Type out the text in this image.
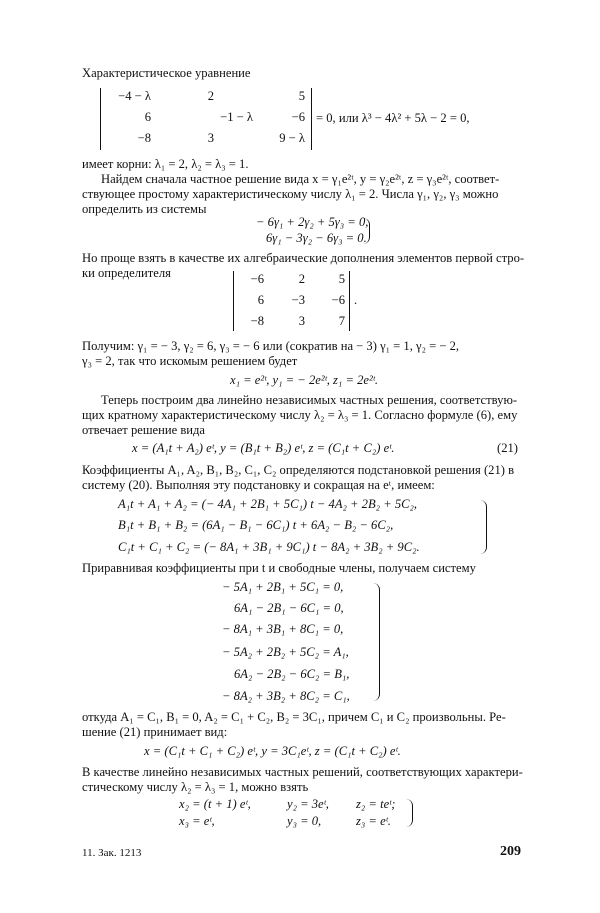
Характеристическое уравнение
−4 − λ	2	5
6	−1 − λ	−6
−8	3	9 − λ
= 0, или λ³ − 4λ² + 5λ − 2 = 0,
имеет корни: λ₁ = 2, λ₂ = λ₃ = 1.
Найдем сначала частное решение вида x = γ₁e²ᵗ, y = γ₂e²ᵗ, z = γ₃e²ᵗ, соответ-
ствующее простому характеристическому числу λ₁ = 2. Числа γ₁, γ₂, γ₃ можно
определить из системы
− 6γ₁ + 2γ₂ + 5γ₃ = 0,
6γ₁ − 3γ₂ − 6γ₃ = 0.
Но проще взять в качестве их алгебраические дополнения элементов первой стро-
ки определителя	−6	2	5
6 −3 −6
−8	3	7
.
Получим: γ₁ = − 3, γ₂ = 6, γ₃ = − 6 или (сократив на − 3) γ₁ = 1, γ₂ = − 2,
γ₃ = 2, так что искомым решением будет
x₁ = e²ᵗ, y₁ = − 2e²ᵗ, z₁ = 2e²ᵗ.
Теперь построим два линейно независимых частных решения, соответствую-
щих кратному характеристическому числу λ₂ = λ₃ = 1. Согласно формуле (6), ему
отвечает решение вида
x = (A₁t + A₂) eᵗ, y = (B₁t + B₂) eᵗ, z = (C₁t + C₂) eᵗ.	(21)
Коэффициенты A₁, A₂, B₁, B₂, C₁, C₂ определяются подстановкой решения (21) в
систему (20). Выполняя эту подстановку и сокращая на eᵗ, имеем:
A₁t + A₁ + A₂ = (− 4A₁ + 2B₁ + 5C₁) t − 4A₂ + 2B₂ + 5C₂,
B₁t + B₁ + B₂ = (6A₁ − B₁ − 6C₁) t + 6A₂ − B₂ − 6C₂,
C₁t + C₁ + C₂ = (− 8A₁ + 3B₁ + 9C₁) t − 8A₂ + 3B₂ + 9C₂.
Приравнивая коэффициенты при t и свободные члены, получаем систему
− 5A₁ + 2B₁ + 5C₁ = 0,
6A₁ − 2B₁ − 6C₁ = 0,
− 8A₁ + 3B₁ + 8C₁ = 0,
− 5A₂ + 2B₂ + 5C₂ = A₁,
6A₂ − 2B₂ − 6C₂ = B₁,
− 8A₂ + 3B₂ + 8C₂ = C₁,
откуда A₁ = C₁, B₁ = 0, A₂ = C₁ + C₂, B₂ = 3C₁, причем C₁ и C₂ произвольны. Ре-
шение (21) принимает вид:
x = (C₁t + C₁ + C₂) eᵗ, y = 3C₁eᵗ, z = (C₁t + C₂) eᵗ.
В качестве линейно независимых частных решений, соответствующих характери-
стическому числу λ₂ = λ₃ = 1, можно взять
x₂ = (t + 1) eᵗ,	y₂ = 3eᵗ, z₂ = teᵗ;
x₃ = eᵗ,	y₃ = 0,	z₃ = eᵗ.
11. Зак. 1213	209
